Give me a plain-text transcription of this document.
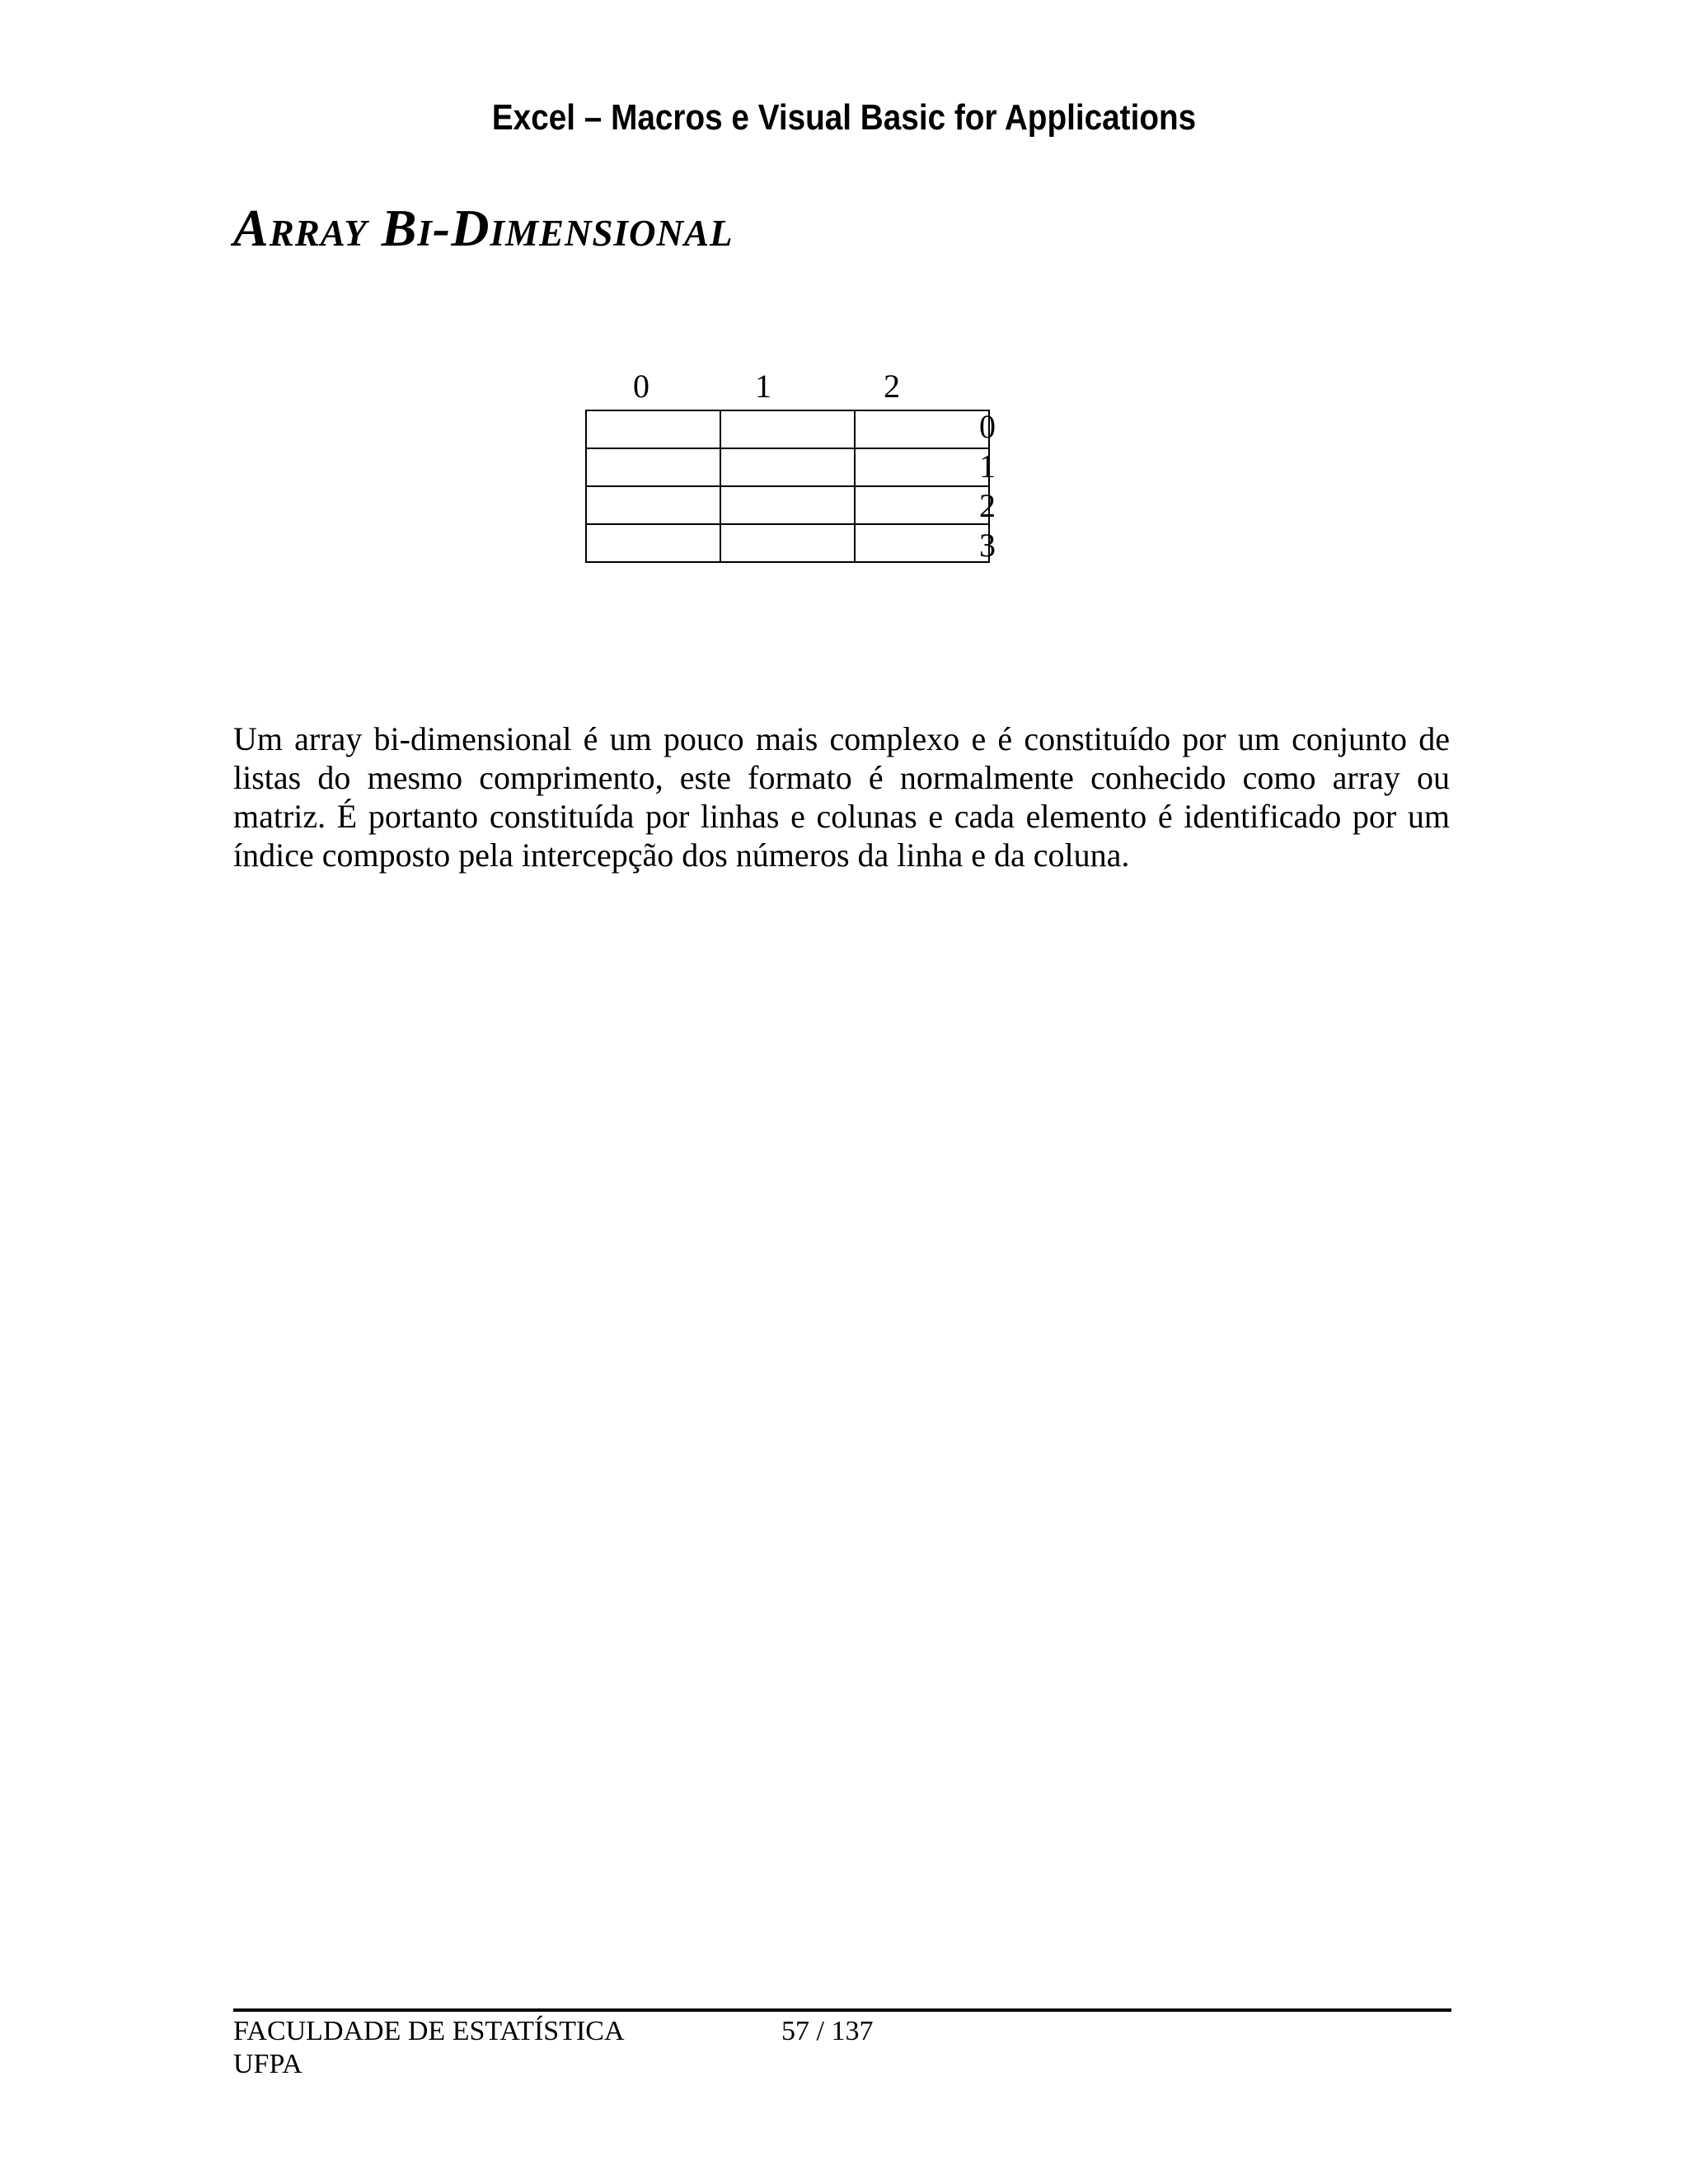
Excel – Macros e Visual Basic for Applications
Array Bi-Dimensional
0	1	2

0
1
2
3

Um array bi-dimensional é um pouco mais complexo e é constituído por um conjunto de listas do mesmo comprimento, este formato é normalmente conhecido como array ou matriz. É portanto constituída por linhas e colunas e cada elemento é identificado por um índice composto pela intercepção dos números da linha e da coluna.

FACULDADE DE ESTATÍSTICA
UFPA
57 / 137
